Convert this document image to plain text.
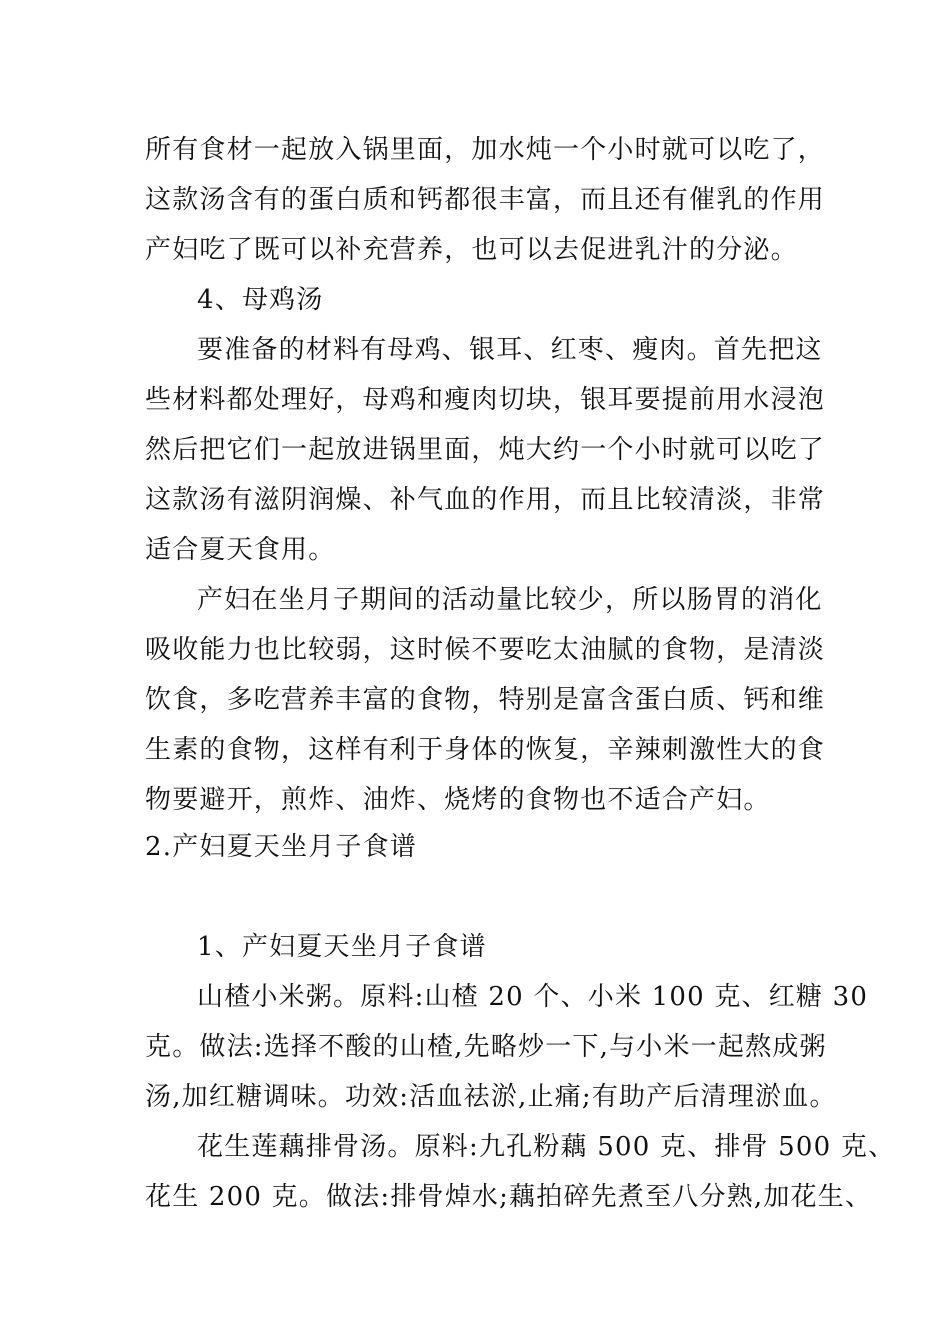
所有食材一起放入锅里面，加水炖一个小时就可以吃了，
这款汤含有的蛋白质和钙都很丰富，而且还有催乳的作用
产妇吃了既可以补充营养，也可以去促进乳汁的分泌。
4、母鸡汤
要准备的材料有母鸡、银耳、红枣、瘦肉。首先把这
些材料都处理好，母鸡和瘦肉切块，银耳要提前用水浸泡
然后把它们一起放进锅里面，炖大约一个小时就可以吃了
这款汤有滋阴润燥、补气血的作用，而且比较清淡，非常
适合夏天食用。
产妇在坐月子期间的活动量比较少，所以肠胃的消化
吸收能力也比较弱，这时候不要吃太油腻的食物，是清淡
饮食，多吃营养丰富的食物，特别是富含蛋白质、钙和维
生素的食物，这样有利于身体的恢复，辛辣刺激性大的食
物要避开，煎炸、油炸、烧烤的食物也不适合产妇。
2.产妇夏天坐月子食谱
1、产妇夏天坐月子食谱
山楂小米粥。原料:山楂 20 个、小米 100 克、红糖 30
克。做法:选择不酸的山楂,先略炒一下,与小米一起熬成粥
汤,加红糖调味。功效:活血祛淤,止痛;有助产后清理淤血。
花生莲藕排骨汤。原料:九孔粉藕 500 克、排骨 500 克、
花生 200 克。做法:排骨焯水;藕拍碎先煮至八分熟,加花生、
